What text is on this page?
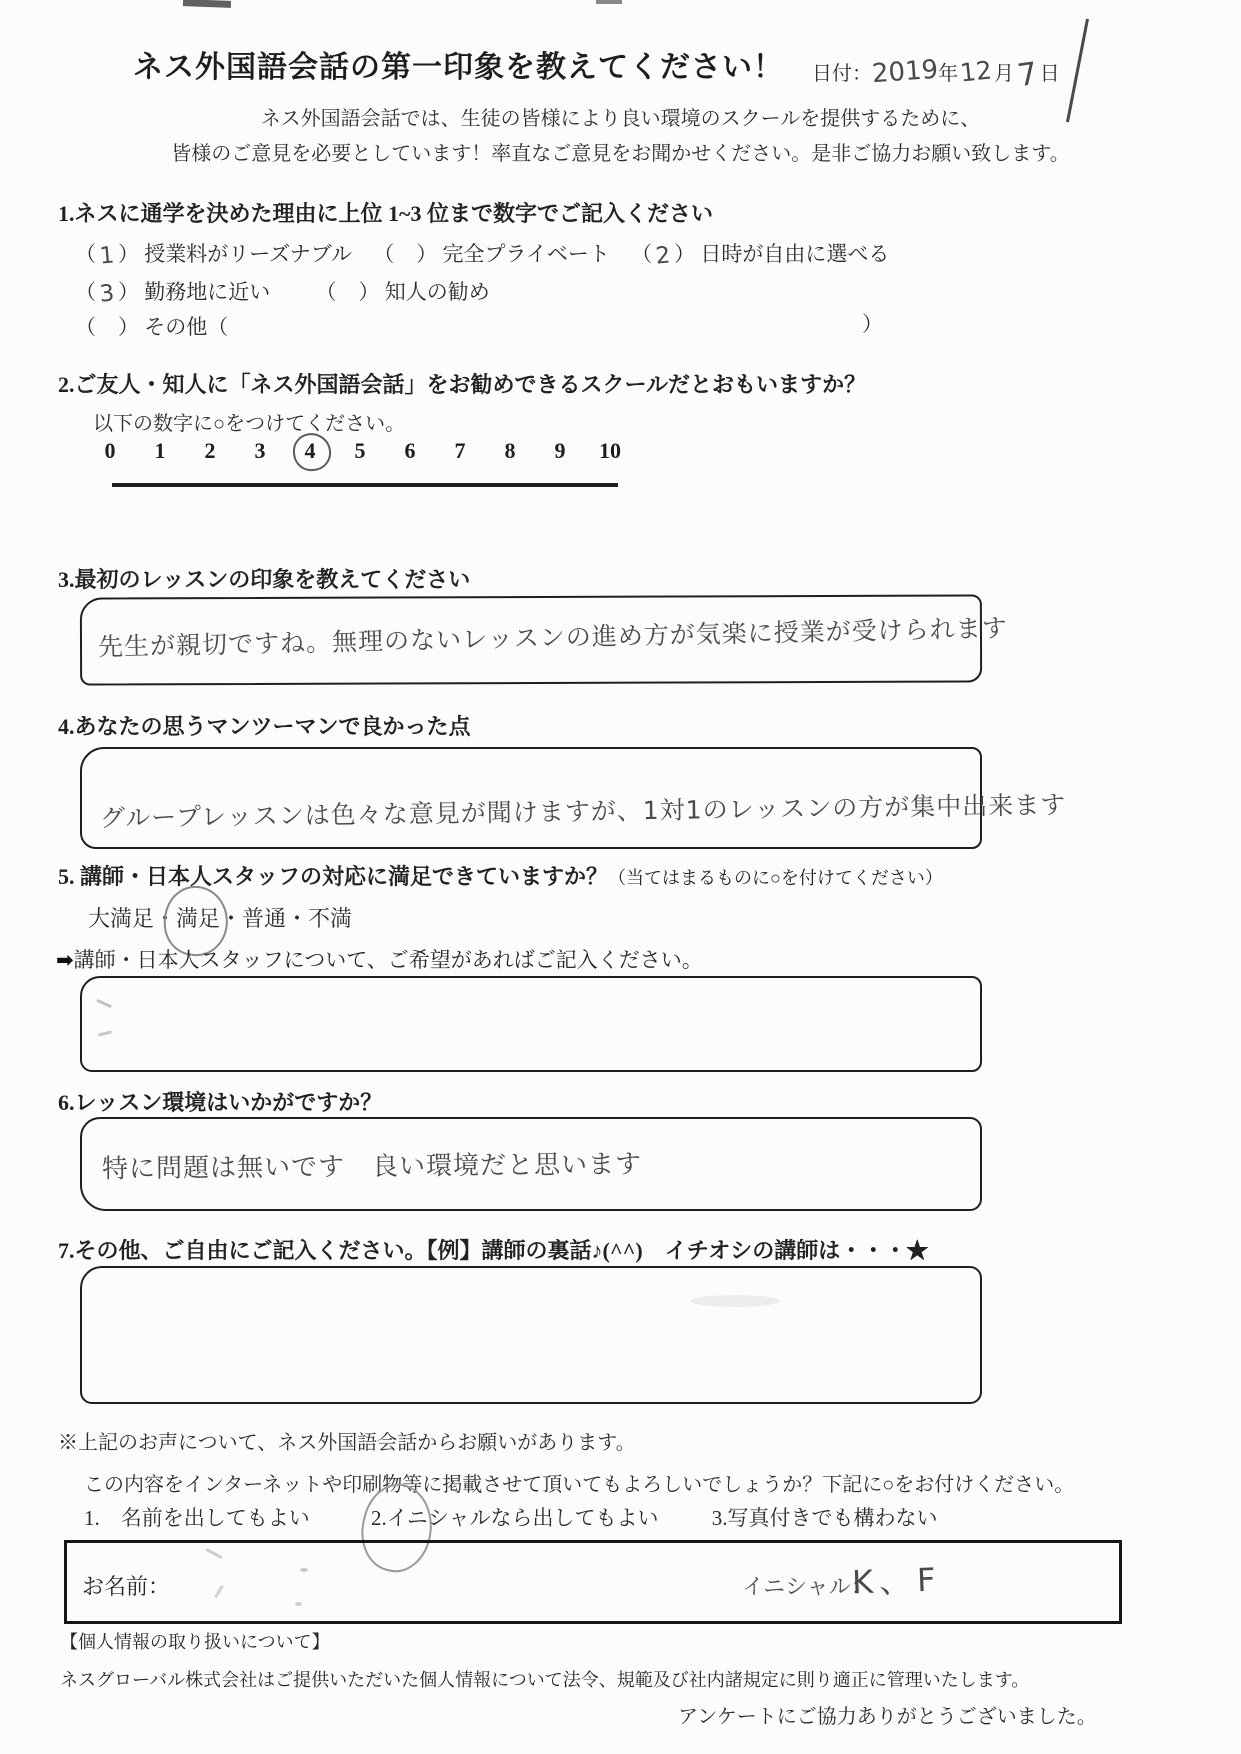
ネス外国語会話の第一印象を教えてください！ 日付：2019年12月7日
ネス外国語会話では、生徒の皆様により良い環境のスクールを提供するために、
皆様のご意見を必要としています！率直なご意見をお聞かせください。是非ご協力お願い致します。
1.ネスに通学を決めた理由に上位 1~3 位まで数字でご記入ください
（ 1 ） 授業料がリーズナブル （ ） 完全プライベート （ 2 ） 日時が自由に選べる
（ 3 ） 勤務地に近い （ ） 知人の勧め
（ ） その他（	）
2.ご友人・知人に「ネス外国語会話」をお勧めできるスクールだとおもいますか？
以下の数字に○をつけてください。
0	1	2	3	4	5	6	7	8	9	10
3.最初のレッスンの印象を教えてください
先生が親切ですね。無理のないレッスンの進め方が気楽に授業が受けられます
4.あなたの思うマンツーマンで良かった点
グループレッスンは色々な意見が聞けますが、1対1のレッスンの方が集中出来ます
5. 講師・日本人スタッフの対応に満足できていますか？（当てはまるものに○を付けてください）
大満足・満足・普通・不満
➡講師・日本人スタッフについて、ご希望があればご記入ください。
6.レッスン環境はいかがですか？
特に問題は無いです　良い環境だと思います
7.その他、ご自由にご記入ください。【例】講師の裏話♪(^^)　イチオシの講師は・・・★
※上記のお声について、ネス外国語会話からお願いがあります。
この内容をインターネットや印刷物等に掲載させて頂いてもよろしいでしょうか？下記に○をお付けください。
1.　名前を出してもよい	2.イニシャルなら出してもよい	3.写真付きでも構わない
お名前：	イニシャル：
K、F
【個人情報の取り扱いについて】
ネスグローバル株式会社はご提供いただいた個人情報について法令、規範及び社内諸規定に則り適正に管理いたします。
アンケートにご協力ありがとうございました。
